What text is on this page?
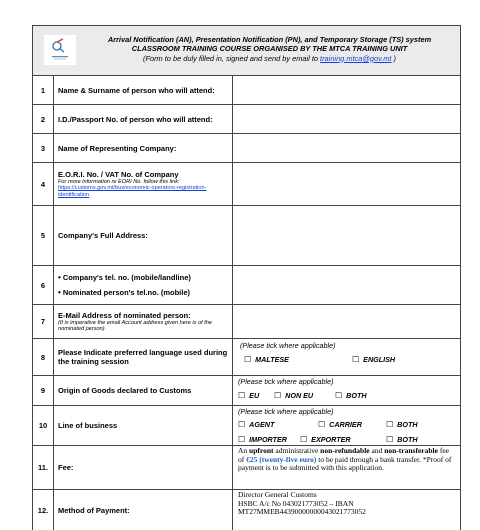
Arrival Notification (AN), Presentation Notification (PN), and Temporary Storage (TS) system
CLASSROOM TRAINING COURSE ORGANISED BY THE MTCA TRAINING UNIT
(Form to be duly filled in, signed and send by email to training.mtca@gov.mt )
1	Name & Surname of person who will attend:
2	I.D./Passport No. of person who will attend:
3	Name of Representing Company:
4
E.O.R.I. No. / VAT No. of Company
For more information re EORI No. follow this link:
https://customs.gov.mt/bus/economic-operators-registration-identification
5	Company's Full Address:
6
• Company's tel. no. (mobile/landline)
• Nominated person's tel.no. (mobile)
7
E-Mail Address of nominated person:
(It is imperative the email Account address given here is of the nominated person)
8	Please Indicate preferred language used during the training session
(Please tick where applicable)
☐ MALTESE	☐ ENGLISH
9	Origin of Goods declared to Customs
(Please tick where applicable)
☐ EU ☐ NON EU	☐ BOTH
10	Line of business
(Please tick where applicable)
☐ AGENT	☐ CARRIER	☐ BOTH
☐ IMPORTER ☐ EXPORTER	☐ BOTH
11.	Fee:
An upfront administrative non-refundable and non-transferable fee of €25 (twenty-five euro) to be paid through a bank transfer. *Proof of payment is to be submitted with this application.
12.	Method of Payment:
Director General Customs
HSBC A/c No 043021773052 – IBAN
MT27MMEB44390000000043021773052
